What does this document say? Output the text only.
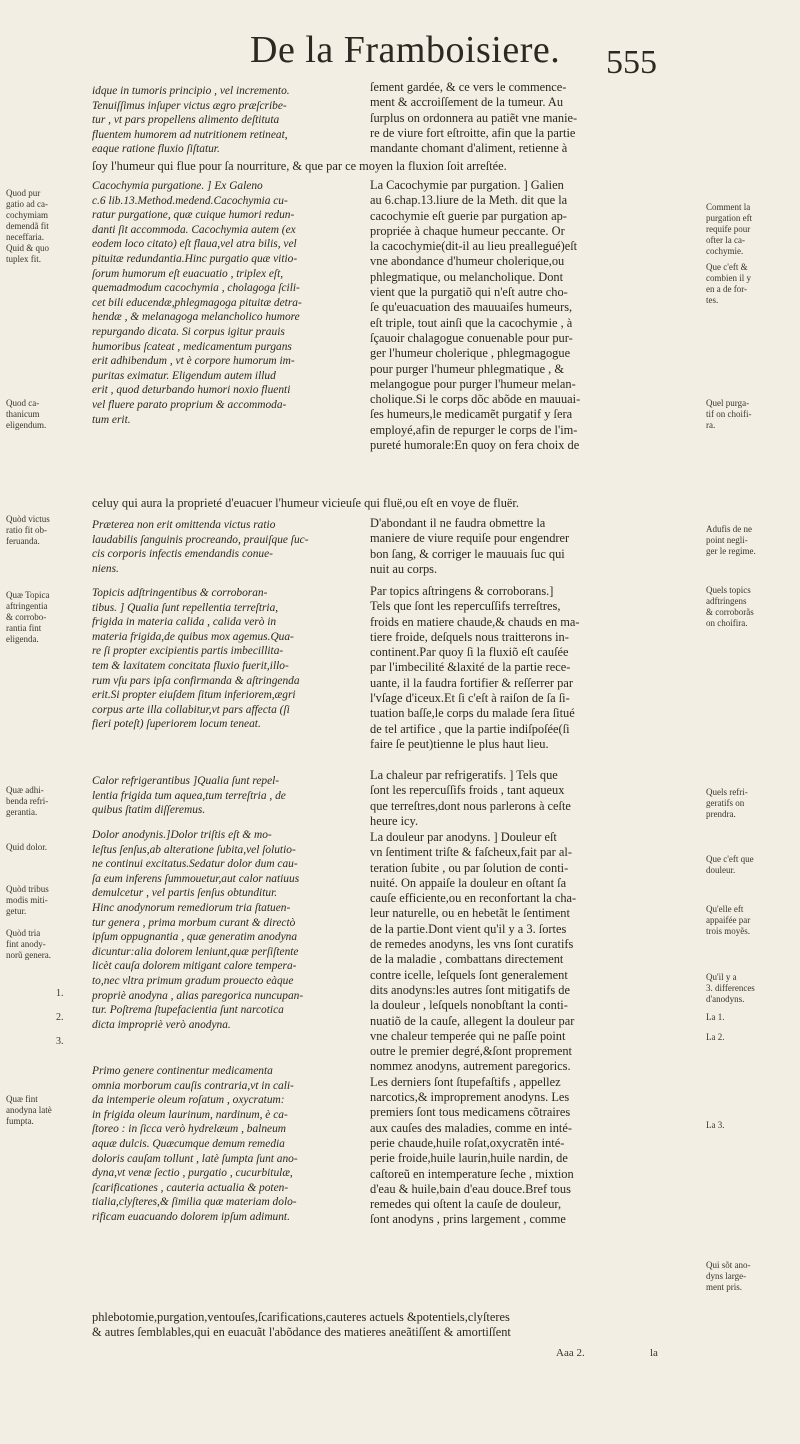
De la Framboisiere. 555
Quod pur
gatio ad ca-
cochymiam
demendã fit
neceffaria.
Quid & quo
tuplex fit.
Quod ca-
thanicum
eligendum.
Quòd victus
ratio fit ob-
feruanda.
Quæ Topica
aftringentia
& corrobo-
rantia fint
eligenda.
Quæ adhi-
benda refri-
gerantia.
Quid dolor.
Quòd tribus
modis miti-
getur.
Quòd tria
fint anody-
norũ genera.
Quæ fint
anodyna latè
fumpta.
1.
2.
3.
Comment la
purgation eft
requife pour
ofter la ca-
cochymie.
Que c'eft &
combien il y
en a de for-
tes.
Quel purga-
tif on choifi-
ra.
Adufis de ne
point negli-
ger le regime.
Quels topics
adftringens
& corroborãs
on choifira.
Quels refri-
geratifs on
prendra.
Que c'eft que
douleur.
Qu'elle eft
appaifée par
trois moyẽs.
Qu'il y a
3. differences
d'anodyns.
La 1.
La 2.
La 3.
Qui sõt ano-
dyns large-
ment pris.
idque in tumoris principio , vel incremento.
Tenuiſſimus inſuper victus ægro præſcribe-
tur , vt pars propellens alimento deſtituta
fluentem humorem ad nutritionem retineat,
eaque ratione fluxio ſiſtatur.
ſoy l'humeur qui flue pour ſa nourriture, & que par ce moyen la fluxion ſoit arreſtée.
Cacochymia purgatione. ] Ex Galeno
c.6 lib.13.Method.medend.Cacochymia cu-
ratur purgatione, quæ cuique humori redun-
danti ſit accommoda. Cacochymia autem (ex
eodem loco citato) eſt flaua,vel atra bilis, vel
pituitæ redundantia.Hinc purgatio quæ vitio-
ſorum humorum eſt euacuatio , triplex eſt,
quemadmodum cacochymia , cholagoga ſcili-
cet bili educendæ,phlegmagoga pituitæ detra-
hendæ , & melanagoga melancholico humore
repurgando dicata. Si corpus igitur prauis
humoribus ſcateat , medicamentum purgans
erit adhibendum , vt è corpore humorum im-
puritas eximatur. Eligendum autem illud
erit , quod deturbando humori noxio fluenti
vel fluere parato proprium & accommoda-
tum erit.
celuy qui aura la proprieté d'euacuer l'humeur vicieuſe qui fluë,ou eſt en voye de fluër.
Præterea non erit omittenda victus ratio
laudabilis ſanguinis procreando, prauiſque ſuc-
cis corporis infectis emendandis conue-
niens.
Topicis adſtringentibus & corroboran-
tibus. ] Qualia ſunt repellentia terreſtria,
frigida in materia calida , calida verò in
materia frigida,de quibus mox agemus.Qua-
re ſi propter excipientis partis imbecillita-
tem & laxitatem concitata fluxio fuerit,illo-
rum vſu pars ipſa confirmanda & aſtringenda
erit.Si propter eiuſdem ſitum inferiorem,ægri
corpus arte illa collabitur,vt pars affecta (ſi
fieri poteſt) ſuperiorem locum teneat.
Calor refrigerantibus ]Qualia ſunt repel-
lentia frigida tum aquea,tum terreſtria , de
quibus ſtatim diſſeremus.
Dolor anodynis.]Dolor triſtis eſt & mo-
leſtus ſenſus,ab alteratione ſubita,vel ſolutio-
ne continui excitatus.Sedatur dolor dum cau-
ſa eum inferens ſummouetur,aut calor natiuus
demulcetur , vel partis ſenſus obtunditur.
Hinc anodynorum remediorum tria ſtatuen-
tur genera , prima morbum curant & directò
ipſum oppugnantia , quæ generatim anodyna
dicuntur:alia dolorem leniunt,quæ perſiſtente
licèt cauſa dolorem mitigant calore tempera-
to,nec vltra primum gradum prouecto eàque
propriè anodyna , alias paregorica nuncupan-
tur. Poſtrema ſtupefacientia ſunt narcotica
dicta impropriè verò anodyna.
Primo genere continentur medicamenta
omnia morborum cauſis contraria,vt in cali-
da intemperie oleum roſatum , oxycratum:
in frigida oleum laurinum, nardinum, è ca-
ſtoreo : in ſicca verò hydrelæum , balneum
aquæ dulcis. Quæcumque demum remedia
doloris cauſam tollunt , latè ſumpta ſunt ano-
dyna,vt venæ ſectio , purgatio , cucurbitulæ,
ſcarificationes , cauteria actualia & poten-
tialia,clyſteres,& ſimilia quæ materiam dolo-
rificam euacuando dolorem ipſum adimunt.
ſement gardée, & ce vers le commence-
ment & accroiſſement de la tumeur. Au
ſurplus on ordonnera au patiẽt vne manie-
re de viure fort eſtroitte, afin que la partie
mandante chomant d'aliment, retienne à
La Cacochymie par purgation. ] Galien
au 6.chap.13.liure de la Meth. dit que la
cacochymie eſt guerie par purgation ap-
propriée à chaque humeur peccante. Or
la cacochymie(dit-il au lieu preallegué)eſt
vne abondance d'humeur cholerique,ou
phlegmatique, ou melancholique. Dont
vient que la purgatiõ qui n'eſt autre cho-
ſe qu'euacuation des mauuaiſes humeurs,
eſt triple, tout ainſi que la cacochymie , à
ſçauoir chalagogue conuenable pour pur-
ger l'humeur cholerique , phlegmagogue
pour purger l'humeur phlegmatique , &
melangogue pour purger l'humeur melan-
cholique.Si le corps dõc abõde en mauuai-
ſes humeurs,le medicamẽt purgatif y ſera
employé,afin de repurger le corps de l'im-
pureté humorale:En quoy on fera choix de
D'abondant il ne faudra obmettre la
maniere de viure requiſe pour engendrer
bon ſang, & corriger le mauuais ſuc qui
nuit au corps.
Par topics aſtringens & corroborans.]
Tels que ſont les repercuſſifs terreſtres,
froids en matiere chaude,& chauds en ma-
tiere froide, deſquels nous traitterons in-
continent.Par quoy ſi la fluxiõ eſt cauſée
par l'imbecilité &laxité de la partie rece-
uante, il la faudra fortifier & reſſerrer par
l'vſage d'iceux.Et ſi c'eſt à raiſon de ſa ſi-
tuation baſſe,le corps du malade ſera ſitué
de tel artifice , que la partie indiſpoſée(ſi
faire ſe peut)tienne le plus haut lieu.
La chaleur par refrigeratifs. ] Tels que
ſont les repercuſſifs froids , tant aqueux
que terreſtres,dont nous parlerons à ceſte
heure icy.
La douleur par anodyns. ] Douleur eſt
vn ſentiment triſte & faſcheux,fait par al-
teration ſubite , ou par ſolution de conti-
nuité. On appaiſe la douleur en oſtant ſa
cauſe efficiente,ou en reconfortant la cha-
leur naturelle, ou en hebetãt le ſentiment
de la partie.Dont vient qu'il y a 3. ſortes
de remedes anodyns, les vns ſont curatifs
de la maladie , combattans directement
contre icelle, leſquels ſont generalement
dits anodyns:les autres ſont mitigatifs de
la douleur , leſquels nonobſtant la conti-
nuatiõ de la cauſe, allegent la douleur par
vne chaleur temperée qui ne paſſe point
outre le premier degré,&ſont proprement
nommez anodyns, autrement paregorics.
Les derniers ſont ſtupefaſtifs , appellez
narcotics,& improprement anodyns. Les
premiers ſont tous medicamens cõtraires
aux cauſes des maladies, comme en inté-
perie chaude,huile roſat,oxycratẽn inté-
perie froide,huile laurin,huile nardin, de
caſtoreũ en intemperature ſeche , mixtion
d'eau & huile,bain d'eau douce.Bref tous
remedes qui oſtent la cauſe de douleur,
ſont anodyns , prins largement , comme
phlebotomie,purgation,ventouſes,ſcarifications,cauteres actuels &potentiels,clyſteres
& autres ſemblables,qui en euacuãt l'abõdance des matieres aneãtiſſent & amortiſſent
Aaa 2.	la
